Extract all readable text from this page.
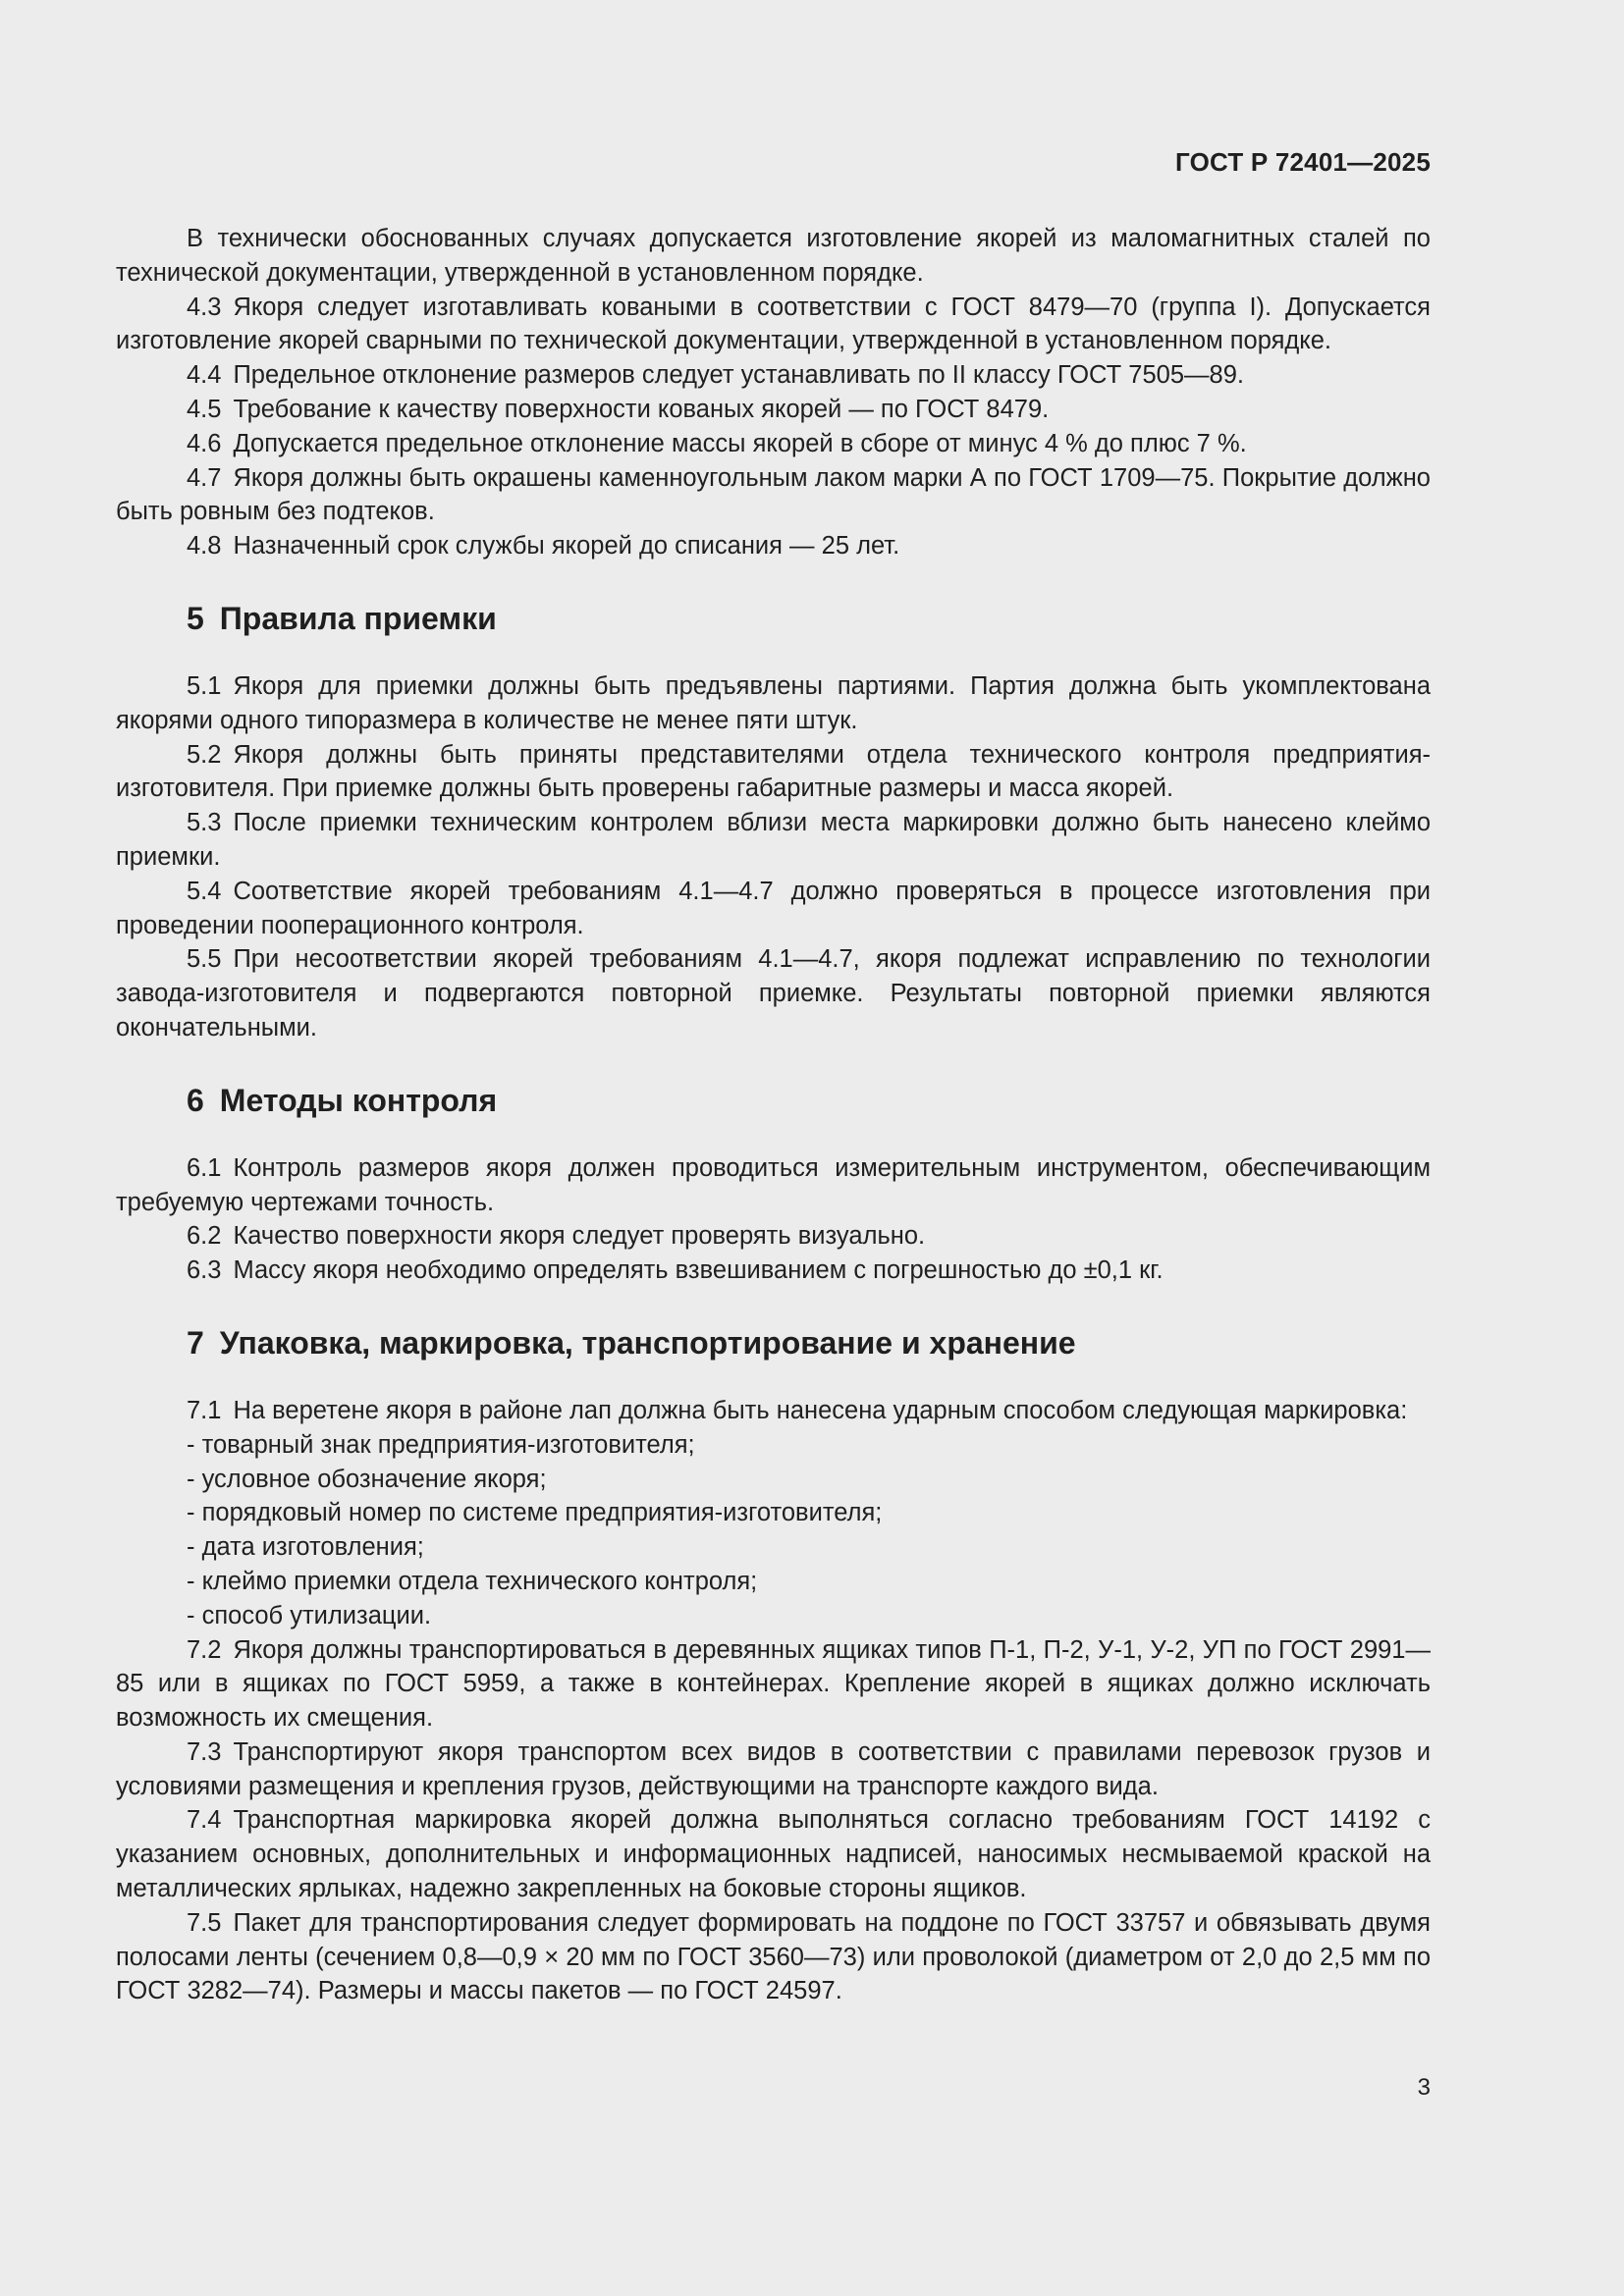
ГОСТ Р 72401—2025

В технически обоснованных случаях допускается изготовление якорей из маломагнитных сталей по технической документации, утвержденной в установленном порядке.

4.3 Якоря следует изготавливать коваными в соответствии с ГОСТ 8479—70 (группа I). Допускается изготовление якорей сварными по технической документации, утвержденной в установленном порядке.

4.4 Предельное отклонение размеров следует устанавливать по II классу ГОСТ 7505—89.

4.5 Требование к качеству поверхности кованых якорей — по ГОСТ 8479.

4.6 Допускается предельное отклонение массы якорей в сборе от минус 4 % до плюс 7 %.

4.7 Якоря должны быть окрашены каменноугольным лаком марки А по ГОСТ 1709—75. Покрытие должно быть ровным без подтеков.

4.8 Назначенный срок службы якорей до списания — 25 лет.

5 Правила приемки

5.1 Якоря для приемки должны быть предъявлены партиями. Партия должна быть укомплектована якорями одного типоразмера в количестве не менее пяти штук.

5.2 Якоря должны быть приняты представителями отдела технического контроля предприятия-изготовителя. При приемке должны быть проверены габаритные размеры и масса якорей.

5.3 После приемки техническим контролем вблизи места маркировки должно быть нанесено клеймо приемки.

5.4 Соответствие якорей требованиям 4.1—4.7 должно проверяться в процессе изготовления при проведении пооперационного контроля.

5.5 При несоответствии якорей требованиям 4.1—4.7, якоря подлежат исправлению по технологии завода-изготовителя и подвергаются повторной приемке. Результаты повторной приемки являются окончательными.

6 Методы контроля

6.1 Контроль размеров якоря должен проводиться измерительным инструментом, обеспечивающим требуемую чертежами точность.

6.2 Качество поверхности якоря следует проверять визуально.

6.3 Массу якоря необходимо определять взвешиванием с погрешностью до ±0,1 кг.

7 Упаковка, маркировка, транспортирование и хранение

7.1 На веретене якоря в районе лап должна быть нанесена ударным способом следующая маркировка:

- товарный знак предприятия-изготовителя;
- условное обозначение якоря;
- порядковый номер по системе предприятия-изготовителя;
- дата изготовления;
- клеймо приемки отдела технического контроля;
- способ утилизации.

7.2 Якоря должны транспортироваться в деревянных ящиках типов П-1, П-2, У-1, У-2, УП по ГОСТ 2991—85 или в ящиках по ГОСТ 5959, а также в контейнерах. Крепление якорей в ящиках должно исключать возможность их смещения.

7.3 Транспортируют якоря транспортом всех видов в соответствии с правилами перевозок грузов и условиями размещения и крепления грузов, действующими на транспорте каждого вида.

7.4 Транспортная маркировка якорей должна выполняться согласно требованиям ГОСТ 14192 с указанием основных, дополнительных и информационных надписей, наносимых несмываемой краской на металлических ярлыках, надежно закрепленных на боковые стороны ящиков.

7.5 Пакет для транспортирования следует формировать на поддоне по ГОСТ 33757 и обвязывать двумя полосами ленты (сечением 0,8—0,9 × 20 мм по ГОСТ 3560—73) или проволокой (диаметром от 2,0 до 2,5 мм по ГОСТ 3282—74). Размеры и массы пакетов — по ГОСТ 24597.

3
